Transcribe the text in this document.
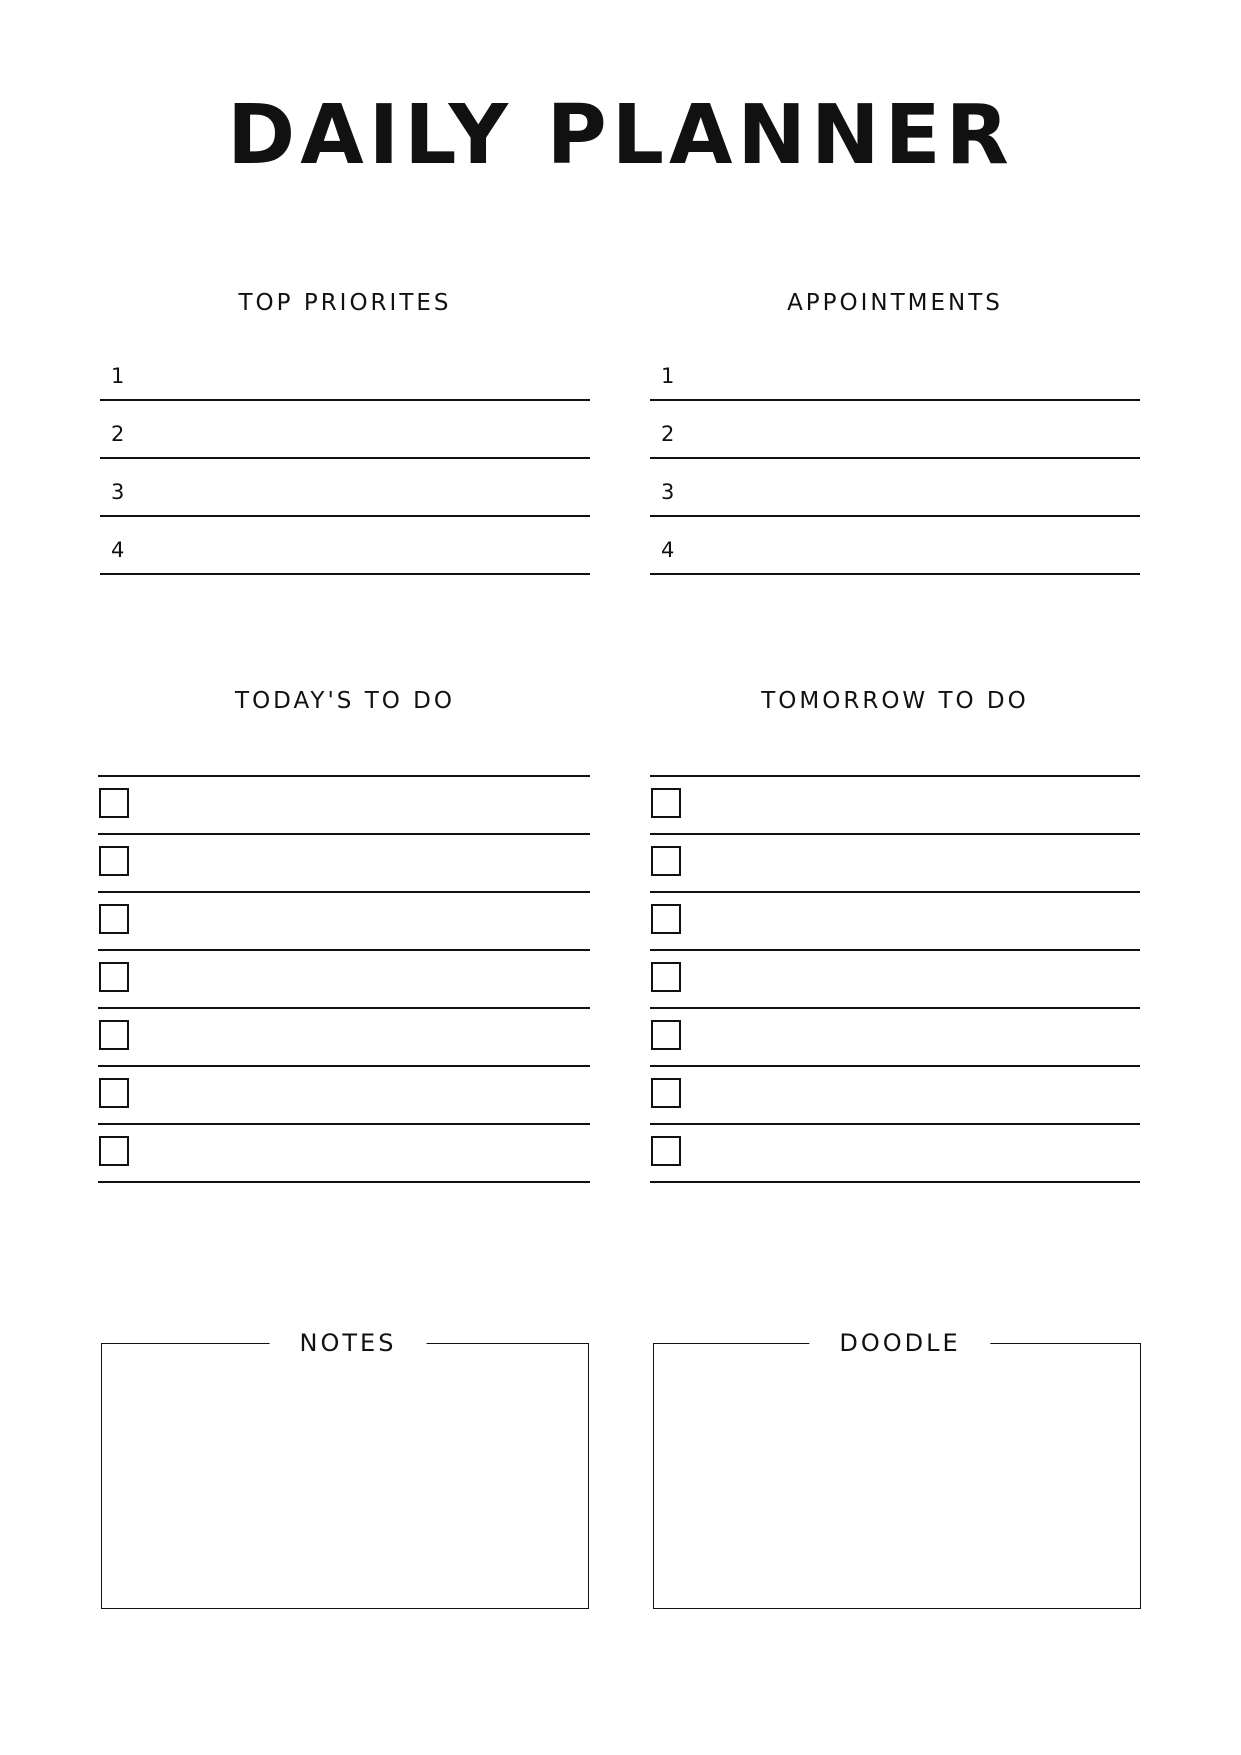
DAILY PLANNER
TOP PRIORITES
1
2
3
4
APPOINTMENTS
1
2
3
4
TODAY'S TO DO	TOMORROW TO DO
NOTES	DOODLE
